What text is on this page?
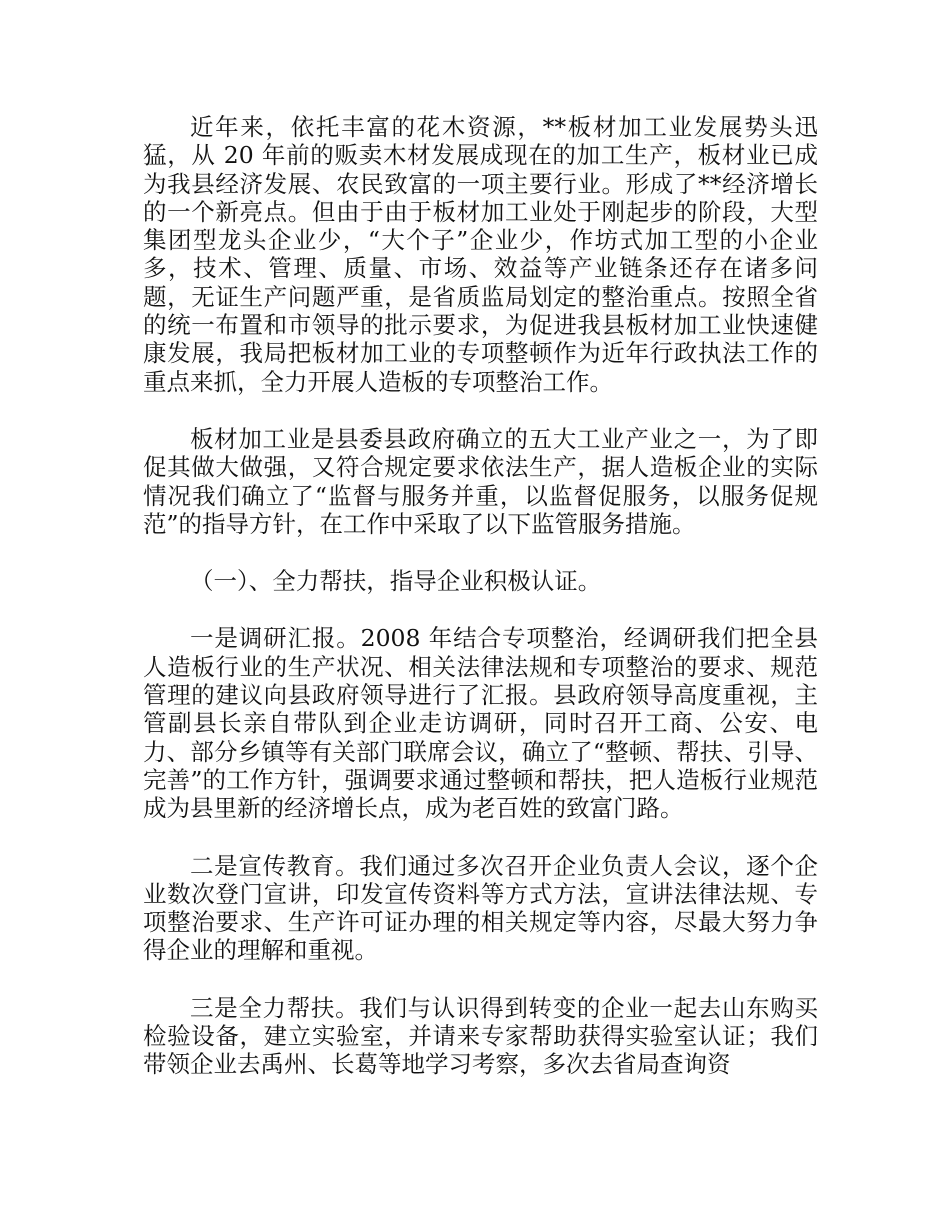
近年来，依托丰富的花木资源，**板材加工业发展势头迅猛，从 20 年前的贩卖木材发展成现在的加工生产，板材业已成为我县经济发展、农民致富的一项主要行业。形成了**经济增长的一个新亮点。但由于由于板材加工业处于刚起步的阶段，大型集团型龙头企业少，“大个子”企业少，作坊式加工型的小企业多，技术、管理、质量、市场、效益等产业链条还存在诸多问题，无证生产问题严重，是省质监局划定的整治重点。按照全省的统一布置和市领导的批示要求，为促进我县板材加工业快速健康发展，我局把板材加工业的专项整顿作为近年行政执法工作的重点来抓，全力开展人造板的专项整治工作。

板材加工业是县委县政府确立的五大工业产业之一，为了即促其做大做强，又符合规定要求依法生产，据人造板企业的实际情况我们确立了“监督与服务并重，以监督促服务，以服务促规范”的指导方针，在工作中采取了以下监管服务措施。

（一）、全力帮扶，指导企业积极认证。

一是调研汇报。2008 年结合专项整治，经调研我们把全县人造板行业的生产状况、相关法律法规和专项整治的要求、规范管理的建议向县政府领导进行了汇报。县政府领导高度重视，主管副县长亲自带队到企业走访调研，同时召开工商、公安、电力、部分乡镇等有关部门联席会议，确立了“整顿、帮扶、引导、完善”的工作方针，强调要求通过整顿和帮扶，把人造板行业规范成为县里新的经济增长点，成为老百姓的致富门路。

二是宣传教育。我们通过多次召开企业负责人会议，逐个企业数次登门宣讲，印发宣传资料等方式方法，宣讲法律法规、专项整治要求、生产许可证办理的相关规定等内容，尽最大努力争得企业的理解和重视。

三是全力帮扶。我们与认识得到转变的企业一起去山东购买检验设备，建立实验室，并请来专家帮助获得实验室认证；我们带领企业去禹州、长葛等地学习考察，多次去省局查询资
